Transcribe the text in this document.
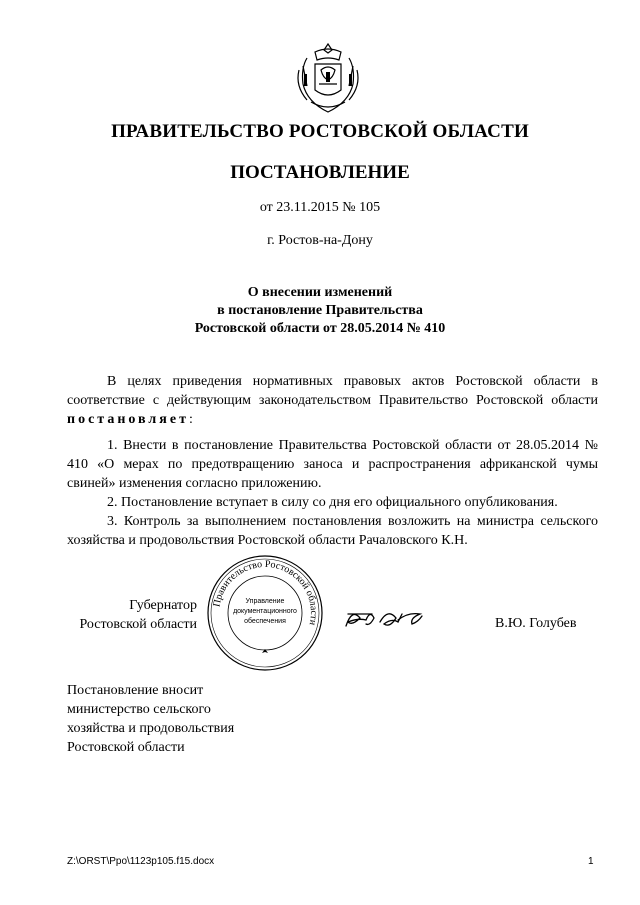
ПРАВИТЕЛЬСТВО РОСТОВСКОЙ ОБЛАСТИ
ПОСТАНОВЛЕНИЕ
от 23.11.2015 № 105
г. Ростов-на-Дону
О внесении изменений
в постановление Правительства
Ростовской области от 28.05.2014 № 410
В целях приведения нормативных правовых актов Ростовской области в соответствие с действующим законодательством Правительство Ростовской области постановляет:
1. Внести в постановление Правительства Ростовской области от 28.05.2014 № 410 «О мерах по предотвращению заноса и распространения африканской чумы свиней» изменения согласно приложению.
2. Постановление вступает в силу со дня его официального опубликования.
3. Контроль за выполнением постановления возложить на министра сельского хозяйства и продовольствия Ростовской области Рачаловского К.Н.
Губернатор
Ростовской области
Правительство Ростовской области
Управление
документационного
обеспечения	В.Ю. Голубев
Постановление вносит
министерство сельского
хозяйства и продовольствия
Ростовской области
Z:\ORST\Ppo\1123p105.f15.docx	1
